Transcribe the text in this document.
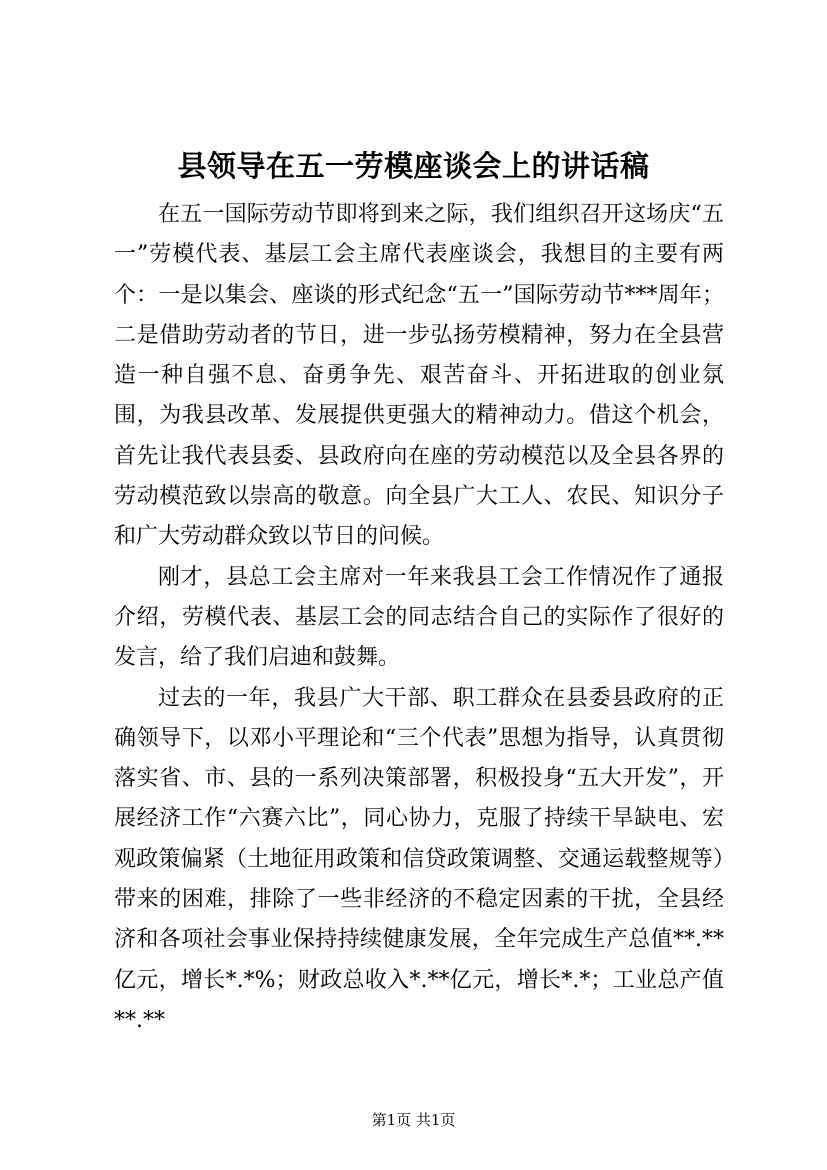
县领导在五一劳模座谈会上的讲话稿

在五一国际劳动节即将到来之际，我们组织召开这场庆“五一”劳模代表、基层工会主席代表座谈会，我想目的主要有两个：一是以集会、座谈的形式纪念“五一”国际劳动节***周年；二是借助劳动者的节日，进一步弘扬劳模精神，努力在全县营造一种自强不息、奋勇争先、艰苦奋斗、开拓进取的创业氛围，为我县改革、发展提供更强大的精神动力。借这个机会，首先让我代表县委、县政府向在座的劳动模范以及全县各界的劳动模范致以崇高的敬意。向全县广大工人、农民、知识分子和广大劳动群众致以节日的问候。

刚才，县总工会主席对一年来我县工会工作情况作了通报介绍，劳模代表、基层工会的同志结合自己的实际作了很好的发言，给了我们启迪和鼓舞。

过去的一年，我县广大干部、职工群众在县委县政府的正确领导下，以邓小平理论和“三个代表”思想为指导，认真贯彻落实省、市、县的一系列决策部署，积极投身“五大开发”，开展经济工作“六赛六比”，同心协力，克服了持续干旱缺电、宏观政策偏紧（土地征用政策和信贷政策调整、交通运载整规等）带来的困难，排除了一些非经济的不稳定因素的干扰，全县经济和各项社会事业保持持续健康发展，全年完成生产总值**.**亿元，增长*.*%；财政总收入*.**亿元，增长*.*；工业总产值**.**

第1页 共1页
